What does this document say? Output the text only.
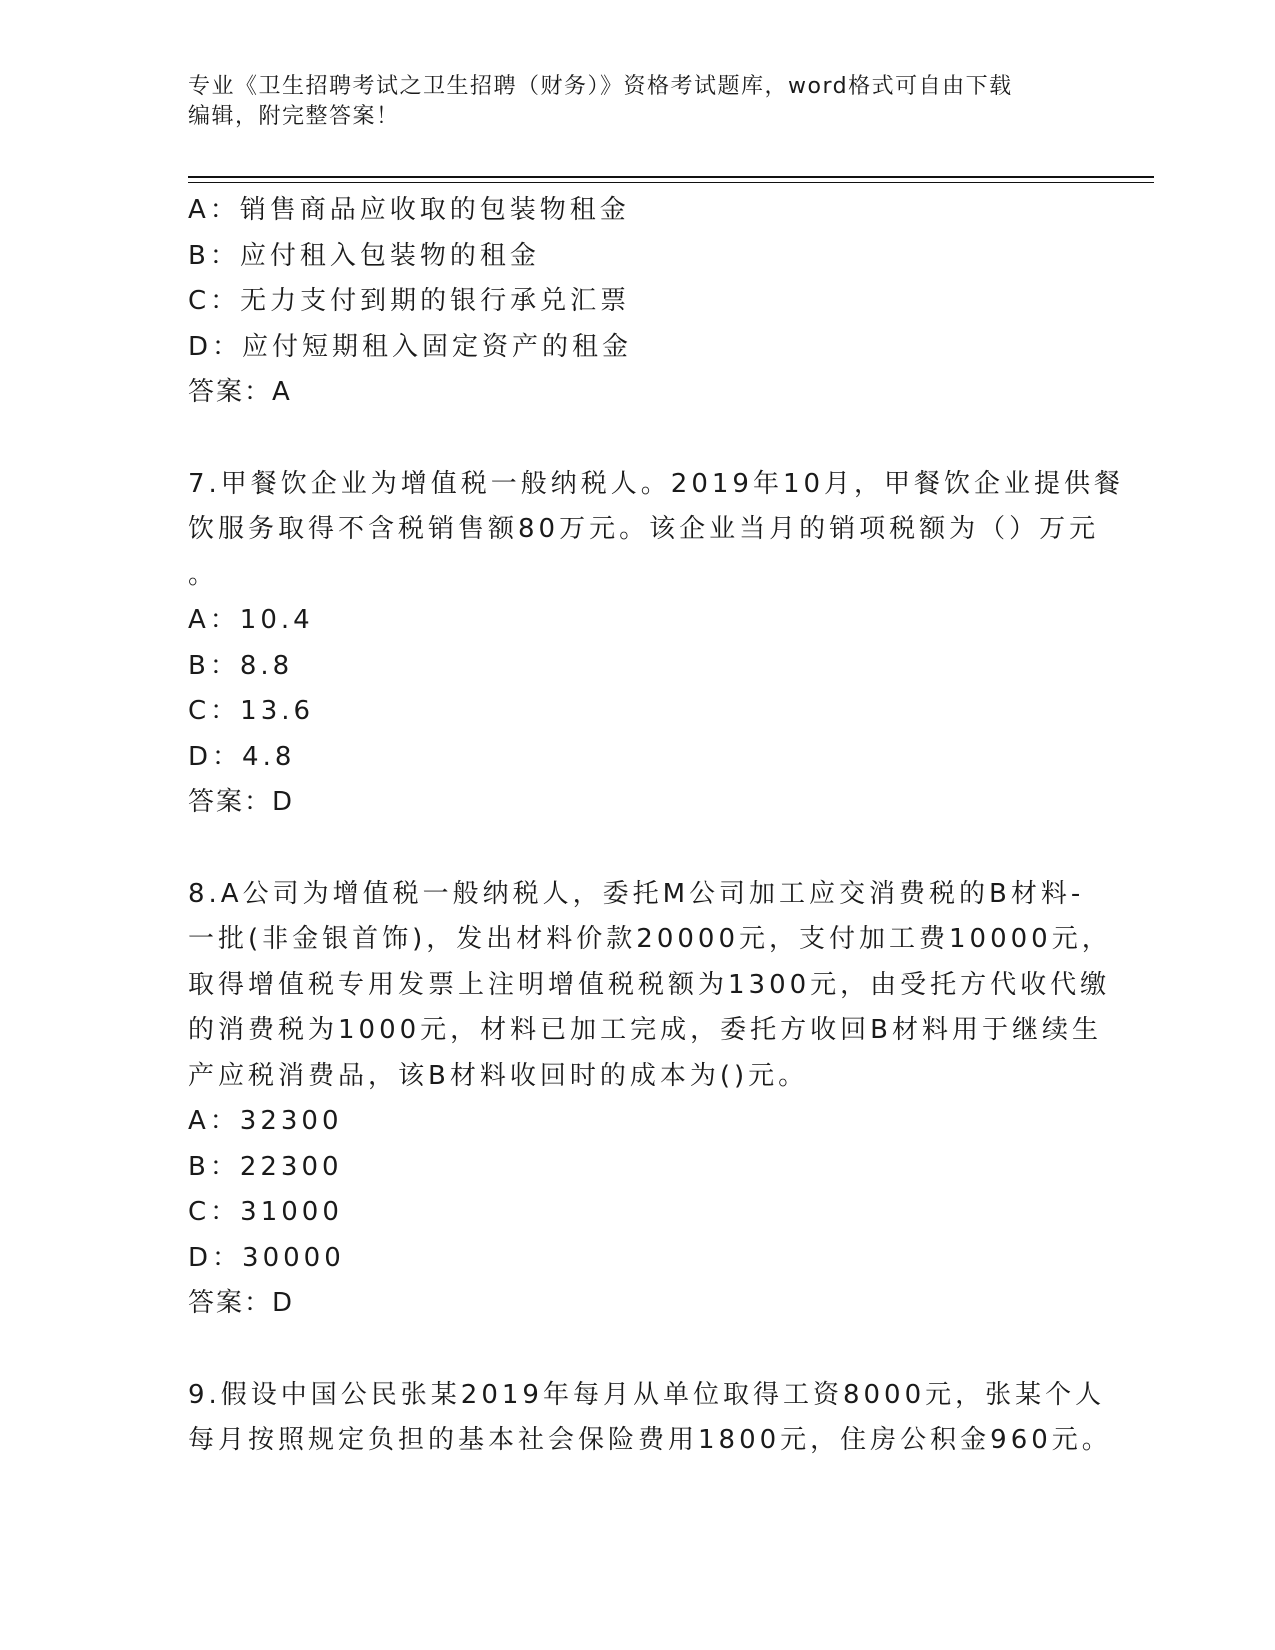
专业《卫生招聘考试之卫生招聘（财务）》资格考试题库，word格式可自由下载
编辑，附完整答案！
A：销售商品应收取的包装物租金
B：应付租入包装物的租金
C：无力支付到期的银行承兑汇票
D：应付短期租入固定资产的租金
答案：A
7.甲餐饮企业为增值税一般纳税人。2019年10月，甲餐饮企业提供餐
饮服务取得不含税销售额80万元。该企业当月的销项税额为（）万元
。
A：10.4
B：8.8
C：13.6
D：4.8
答案：D
8.A公司为增值税一般纳税人，委托M公司加工应交消费税的B材料-
一批(非金银首饰)，发出材料价款20000元，支付加工费10000元，
取得增值税专用发票上注明增值税税额为1300元，由受托方代收代缴
的消费税为1000元，材料已加工完成，委托方收回B材料用于继续生
产应税消费品，该B材料收回时的成本为()元。
A：32300
B：22300
C：31000
D：30000
答案：D
9.假设中国公民张某2019年每月从单位取得工资8000元，张某个人
每月按照规定负担的基本社会保险费用1800元，住房公积金960元。
